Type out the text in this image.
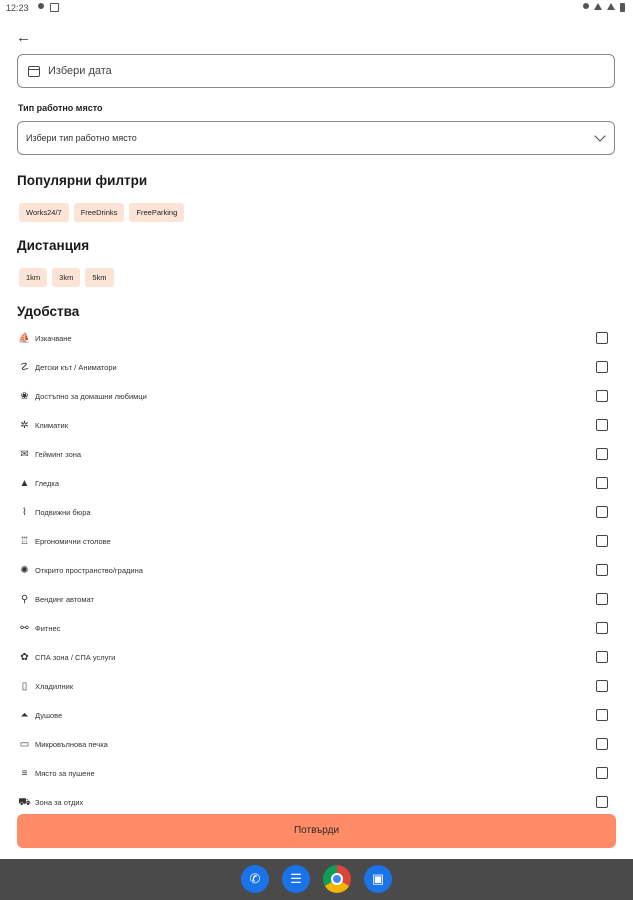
12:23
←
Избери дата
Тип работно място
Избери тип работно място
Популярни филтри
Works24/7	FreeDrinks	FreeParking
Дистанция
1km	3km	5km
Удобства
⛵ Изкачване
☡ Детски кът / Аниматори
❀ Достъпно за домашни любимци
✲ Климатик
✉ Гейминг зона
▲ Гледка
⌇	Подвижни бюра
♖ Ергономични столове
✺ Открито пространство/градина
⚲ Вендинг автомат
⚯ Фитнес
✿ СПА зона / СПА услуги
▯	Хладилник
⏶ Душове
▭ Микровълнова печка
≡	Място за пушене
⛟ Зона за отдих
Потвърди
✆	☰	▣
